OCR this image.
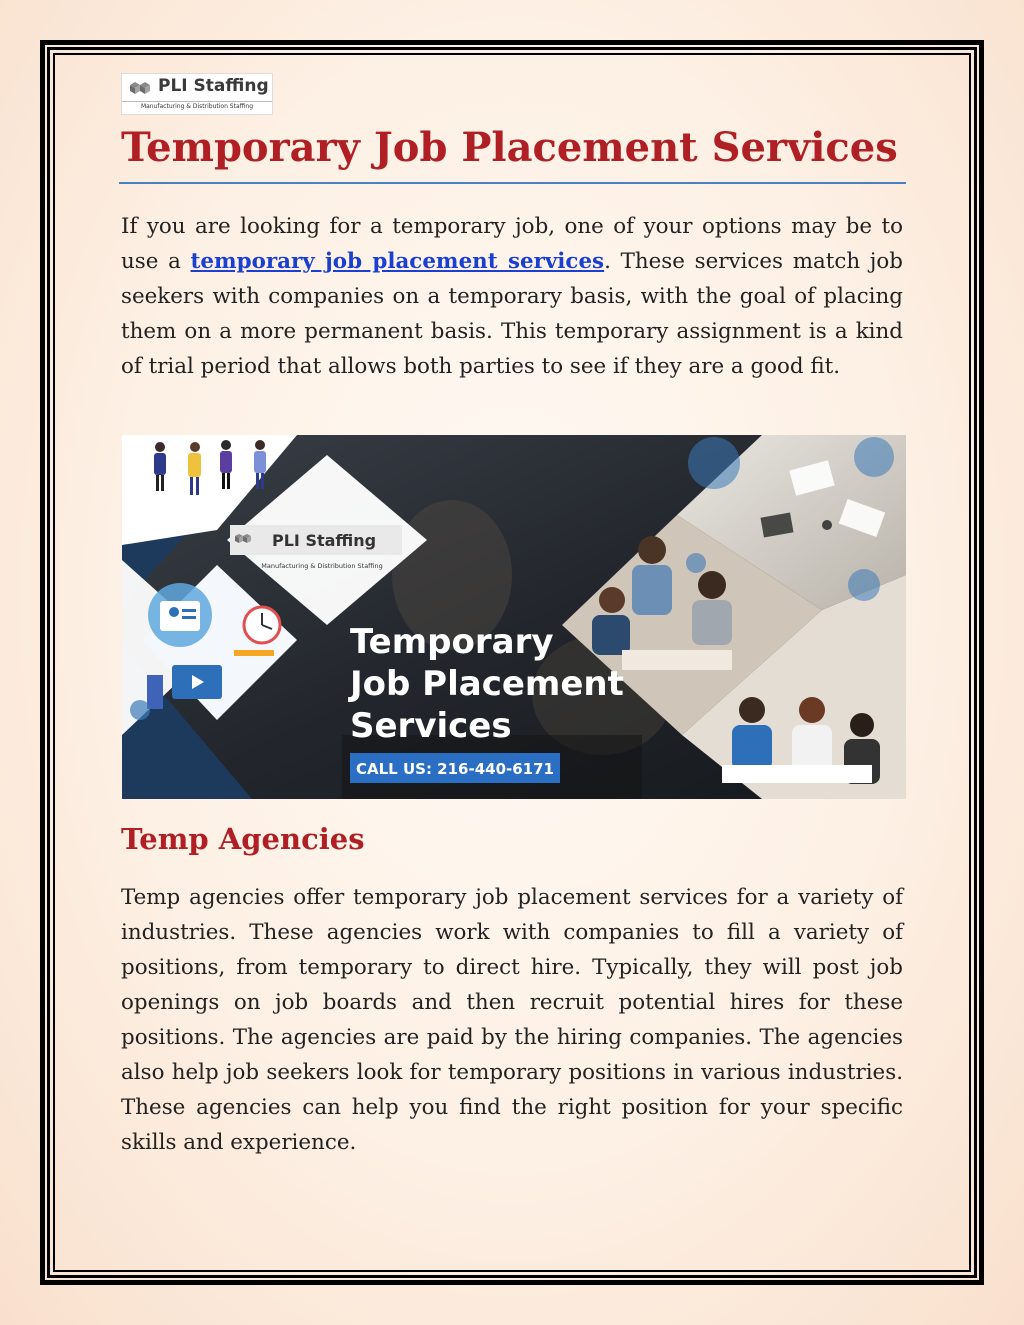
PLI Staffing
Manufacturing & Distribution Staffing
Temporary Job Placement Services

If you are looking for a temporary job, one of your options may be to use a temporary job placement services. These services match job seekers with companies on a temporary basis, with the goal of placing them on a more permanent basis. This temporary assignment is a kind of trial period that allows both parties to see if they are a good fit.

PLI Staffing
Manufacturing & Distribution Staffing
Temporary
Job Placement
Services
CALL US: 216-440-6171
Temp Agencies

Temp agencies offer temporary job placement services for a variety of industries. These agencies work with companies to fill a variety of positions, from temporary to direct hire. Typically, they will post job openings on job boards and then recruit potential hires for these positions. The agencies are paid by the hiring companies. The agencies also help job seekers look for temporary positions in various industries. These agencies can help you find the right position for your specific skills and experience.
